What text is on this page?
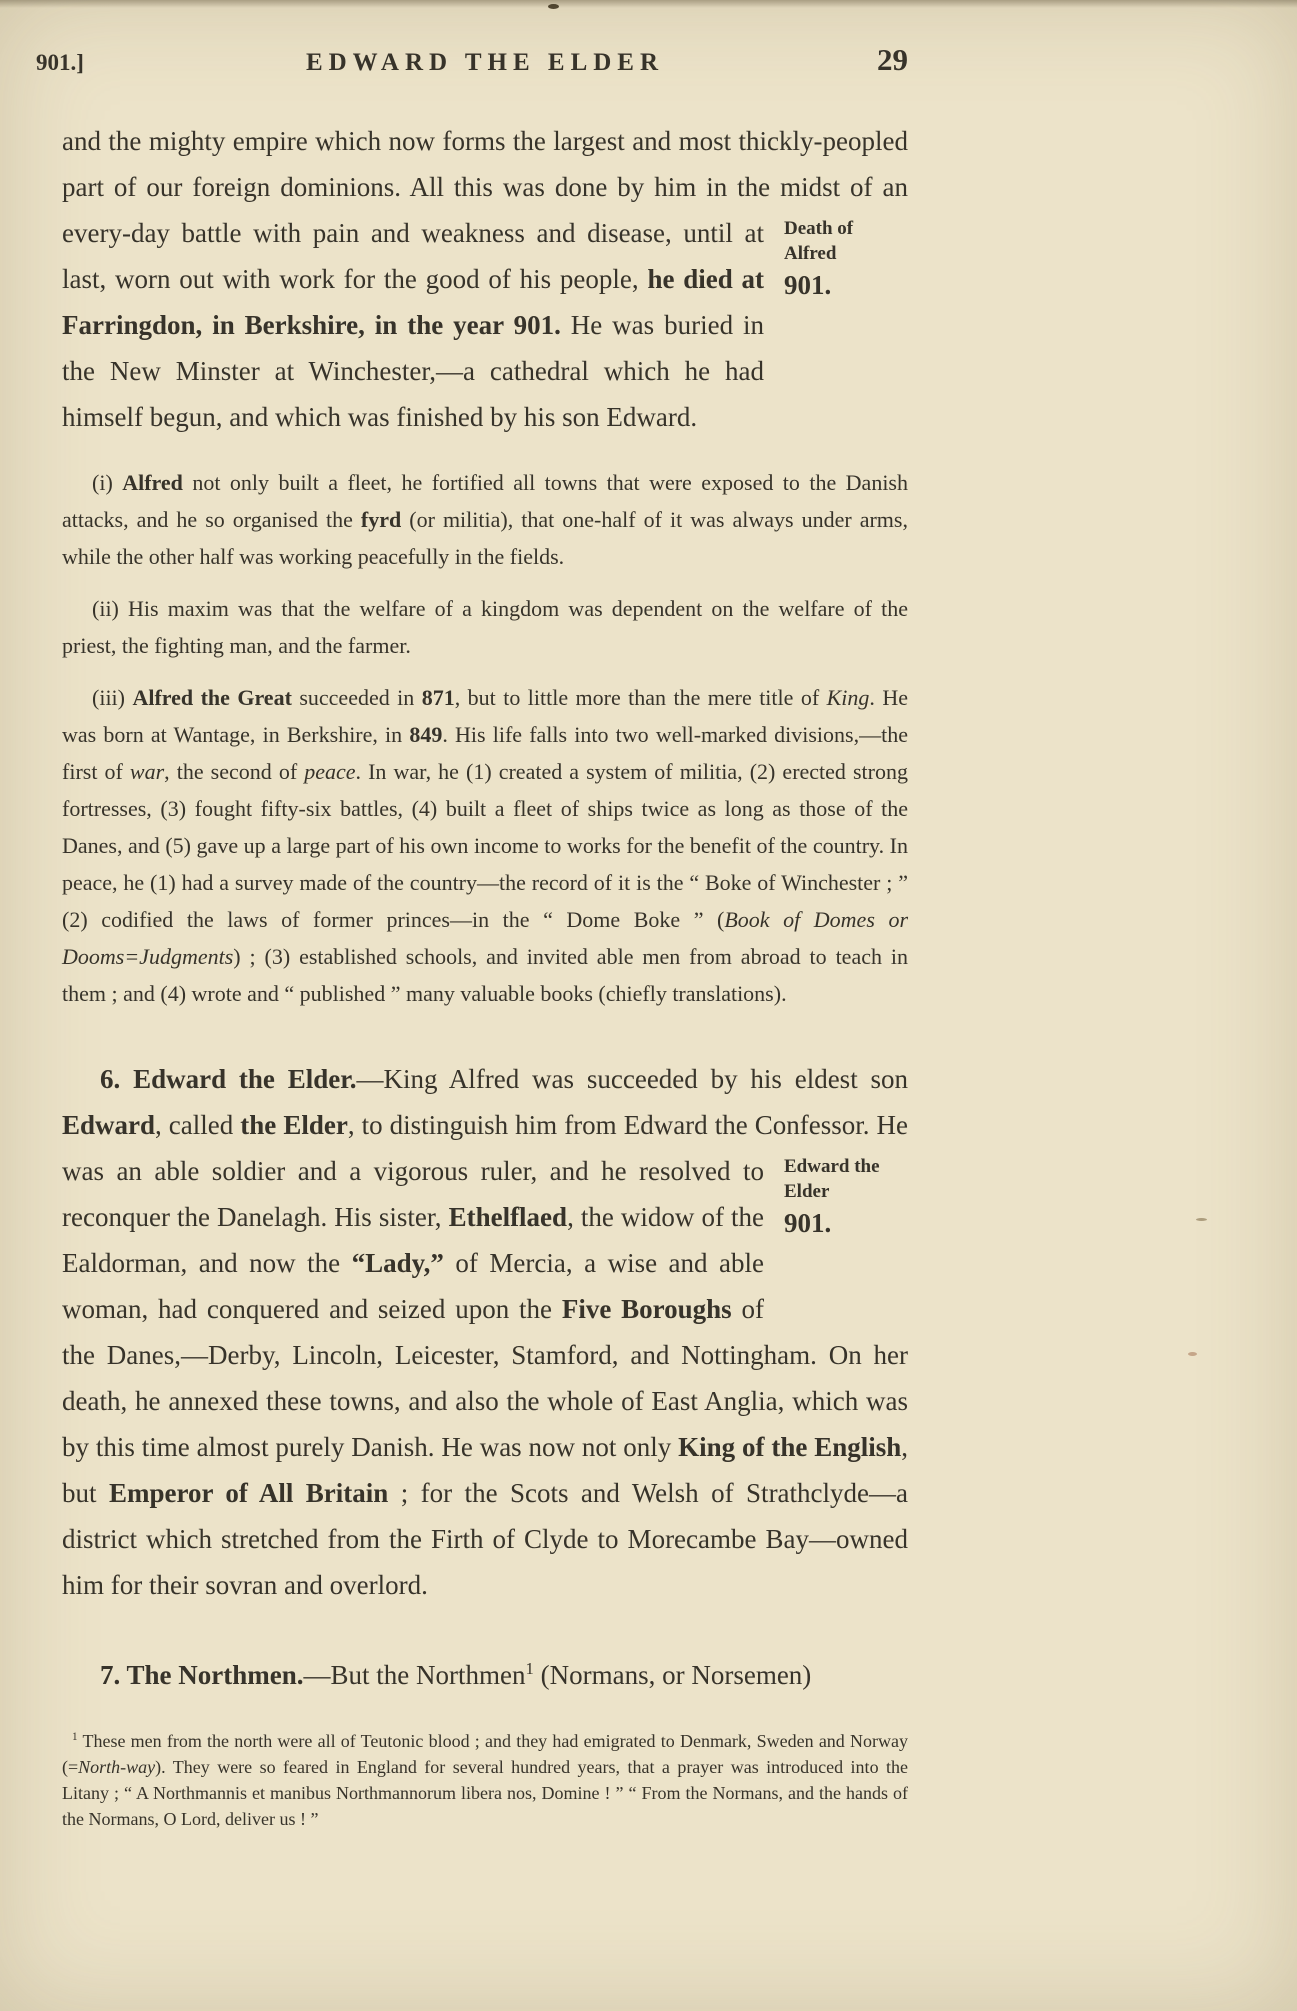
901.]	EDWARD THE ELDER	29

and the mighty empire which now forms the largest and most thickly-peopled part of our foreign dominions. All this was done by him in the midst of an every-day battle with pain and weakness and disease,	Death of Alfred
901.
until at last, worn out with work for the good of his people, he died at Farringdon, in Berkshire, in the year 901. He was buried in the New Minster at Winchester,—a cathedral which he had himself begun, and which was finished by his son Edward.

(i) Alfred not only built a fleet, he fortified all towns that were exposed to the Danish attacks, and he so organised the fyrd (or militia), that one-half of it was always under arms, while the other half was working peacefully in the fields.

(ii) His maxim was that the welfare of a kingdom was dependent on the welfare of the priest, the fighting man, and the farmer.

(iii) Alfred the Great succeeded in 871, but to little more than the mere title of King. He was born at Wantage, in Berkshire, in 849. His life falls into two well-marked divisions,—the first of war, the second of peace. In war, he (1) created a system of militia, (2) erected strong fortresses, (3) fought fifty-six battles, (4) built a fleet of ships twice as long as those of the Danes, and (5) gave up a large part of his own income to works for the benefit of the country. In peace, he (1) had a survey made of the country—the record of it is the “ Boke of Winchester ; ” (2) codified the laws of former princes—in the “ Dome Boke ” (Book of Domes or Dooms=Judgments) ; (3) established schools, and invited able men from abroad to teach in them ; and (4) wrote and “ published ” many valuable books (chiefly translations).

6. Edward the Elder.—King Alfred was succeeded by his eldest son Edward, called the Elder, to distinguish him from Edward the Confessor.
Edward the Elder
901.
He was an able soldier and a vigorous ruler, and he resolved to reconquer the Danelagh. His sister, Ethelflaed, the widow of the Ealdorman, and now the “Lady,” of Mercia, a wise and able woman, had conquered and seized upon the Five Boroughs of the Danes,—Derby, Lincoln, Leicester, Stamford, and Nottingham. On her death, he annexed these towns, and also the whole of East Anglia, which was by this time almost purely Danish. He was now not only King of the English, but Emperor of All Britain ; for the Scots and Welsh of Strathclyde—a district which stretched from the Firth of Clyde to Morecambe Bay—owned him for their sovran and overlord.

7. The Northmen.—But the Northmen$^1$ (Normans, or Norsemen)

$^1$ These men from the north were all of Teutonic blood ; and they had emigrated to Denmark, Sweden and Norway (=North-way). They were so feared in England for several hundred years, that a prayer was introduced into the Litany ; “ A Northmannis et manibus Northmannorum libera nos, Domine ! ” “ From the Normans, and the hands of the Normans, O Lord, deliver us ! ”
